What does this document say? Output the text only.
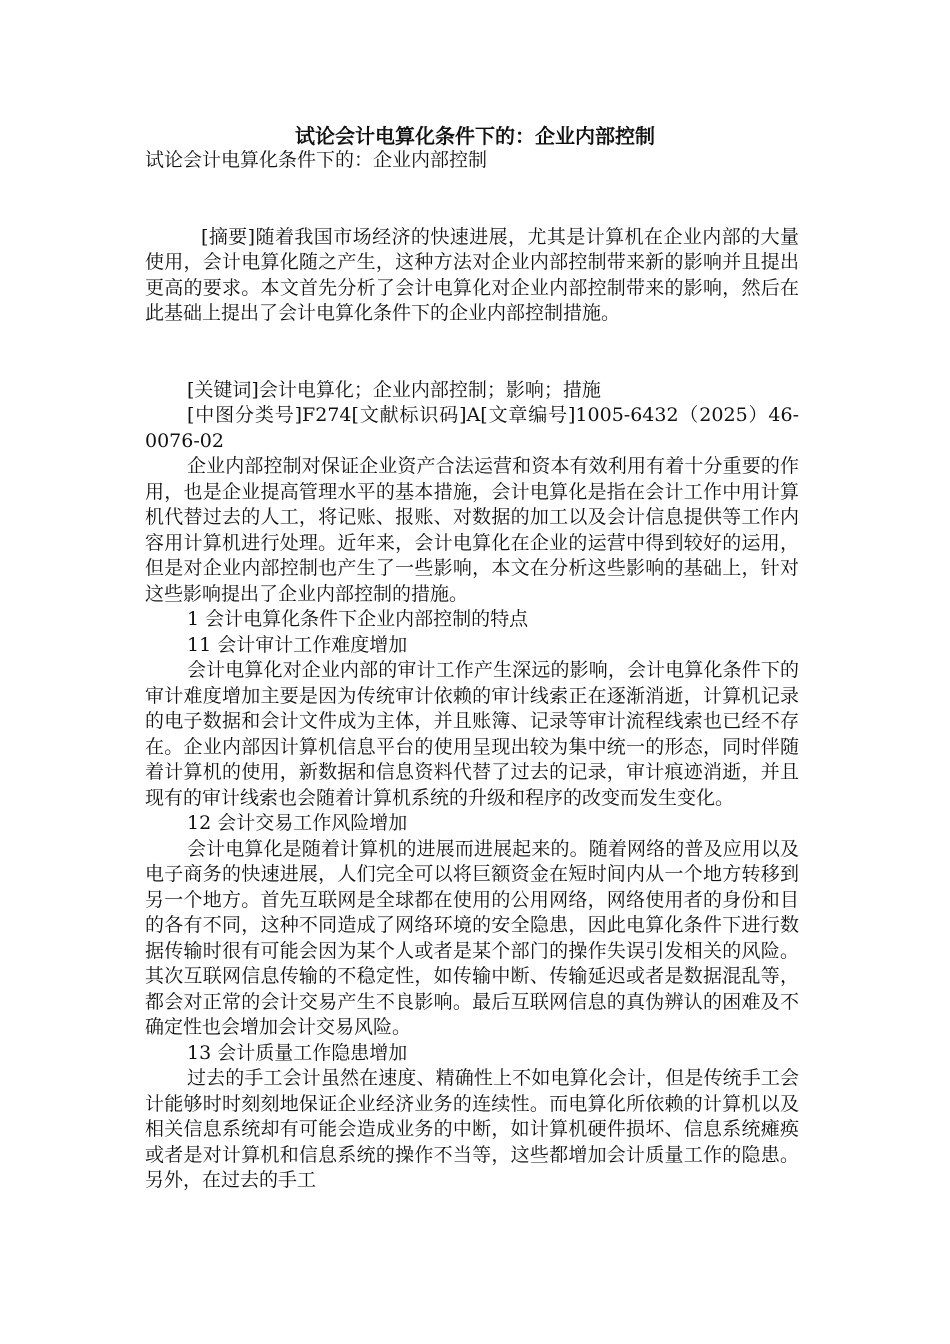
试论会计电算化条件下的：企业内部控制

试论会计电算化条件下的：企业内部控制

[摘要]随着我国市场经济的快速进展，尤其是计算机在企业内部的大量使用，会计电算化随之产生，这种方法对企业内部控制带来新的影响并且提出更高的要求。本文首先分析了会计电算化对企业内部控制带来的影响，然后在此基础上提出了会计电算化条件下的企业内部控制措施。

[关键词]会计电算化；企业内部控制；影响；措施

[中图分类号]F274[文献标识码]A[文章编号]1005-6432（2025）46-0076-02

企业内部控制对保证企业资产合法运营和资本有效利用有着十分重要的作用，也是企业提高管理水平的基本措施，会计电算化是指在会计工作中用计算机代替过去的人工，将记账、报账、对数据的加工以及会计信息提供等工作内容用计算机进行处理。近年来，会计电算化在企业的运营中得到较好的运用，但是对企业内部控制也产生了一些影响，本文在分析这些影响的基础上，针对这些影响提出了企业内部控制的措施。

1 会计电算化条件下企业内部控制的特点

11 会计审计工作难度增加

会计电算化对企业内部的审计工作产生深远的影响，会计电算化条件下的审计难度增加主要是因为传统审计依赖的审计线索正在逐渐消逝，计算机记录的电子数据和会计文件成为主体，并且账簿、记录等审计流程线索也已经不存在。企业内部因计算机信息平台的使用呈现出较为集中统一的形态，同时伴随着计算机的使用，新数据和信息资料代替了过去的记录，审计痕迹消逝，并且现有的审计线索也会随着计算机系统的升级和程序的改变而发生变化。

12 会计交易工作风险增加

会计电算化是随着计算机的进展而进展起来的。随着网络的普及应用以及电子商务的快速进展，人们完全可以将巨额资金在短时间内从一个地方转移到另一个地方。首先互联网是全球都在使用的公用网络，网络使用者的身份和目的各有不同，这种不同造成了网络环境的安全隐患，因此电算化条件下进行数据传输时很有可能会因为某个人或者是某个部门的操作失误引发相关的风险。其次互联网信息传输的不稳定性，如传输中断、传输延迟或者是数据混乱等，都会对正常的会计交易产生不良影响。最后互联网信息的真伪辨认的困难及不确定性也会增加会计交易风险。

13 会计质量工作隐患增加

过去的手工会计虽然在速度、精确性上不如电算化会计，但是传统手工会计能够时时刻刻地保证企业经济业务的连续性。而电算化所依赖的计算机以及相关信息系统却有可能会造成业务的中断，如计算机硬件损坏、信息系统瘫痪或者是对计算机和信息系统的操作不当等，这些都增加会计质量工作的隐患。另外，在过去的手工
